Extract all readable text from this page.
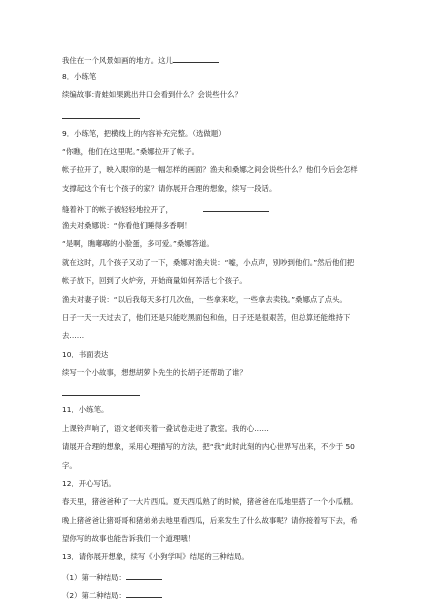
我住在一个风景如画的地方。这儿
8．小练笔
续编故事:青蛙如果跳出井口会看到什么？会说些什么？
9．小练笔，把横线上的内容补充完整。（选做题）
“你瞧，他们在这里呢。”桑娜拉开了帐子。
帐子拉开了，映入眼帘的是一幅怎样的画面？渔夫和桑娜之间会说些什么？他们今后会怎样
支撑起这个有七个孩子的家？请你展开合理的想象，续写一段话。
缝着补丁的帐子被轻轻地拉开了，
渔夫对桑娜说：“你看他们睡得多香啊！
“是啊，瞧嘟嘟的小脸蛋，多可爱。”桑娜答道。
就在这时，几个孩子又动了一下，桑娜对渔夫说：“嘘，小点声，别吵到他们。”然后他们把
帐子放下，回到了火炉旁，开始商量如何养活七个孩子。
渔夫对妻子说：“以后我每天多打几次鱼，一些拿来吃，一些拿去卖钱。”桑娜点了点头。
日子一天一天过去了，他们还是只能吃黑面包和鱼，日子还是很艰苦，但总算还能维持下
去……
10．书面表达
续写一个小故事，想想胡萝卜先生的长胡子还帮助了谁？
11．小练笔。
上课铃声响了，语文老师夹着一叠试卷走进了教室。我的心……
请展开合理的想象，采用心理描写的方法，把“我”此时此刻的内心世界写出来，不少于 50
字。
12．开心写话。
春天里，猪爸爸种了一大片西瓜。夏天西瓜熟了的时候，猪爸爸在瓜地里搭了一个小瓜棚。
晚上猪爸爸让猪哥哥和猪弟弟去地里看西瓜，后来发生了什么故事呢？请你接着写下去，希
望你写的故事也能告诉我们一个道理哦！
13．请你展开想象，续写《小狗学叫》结尾的三种结局。
（1）第一种结局：
（2）第二种结局：
